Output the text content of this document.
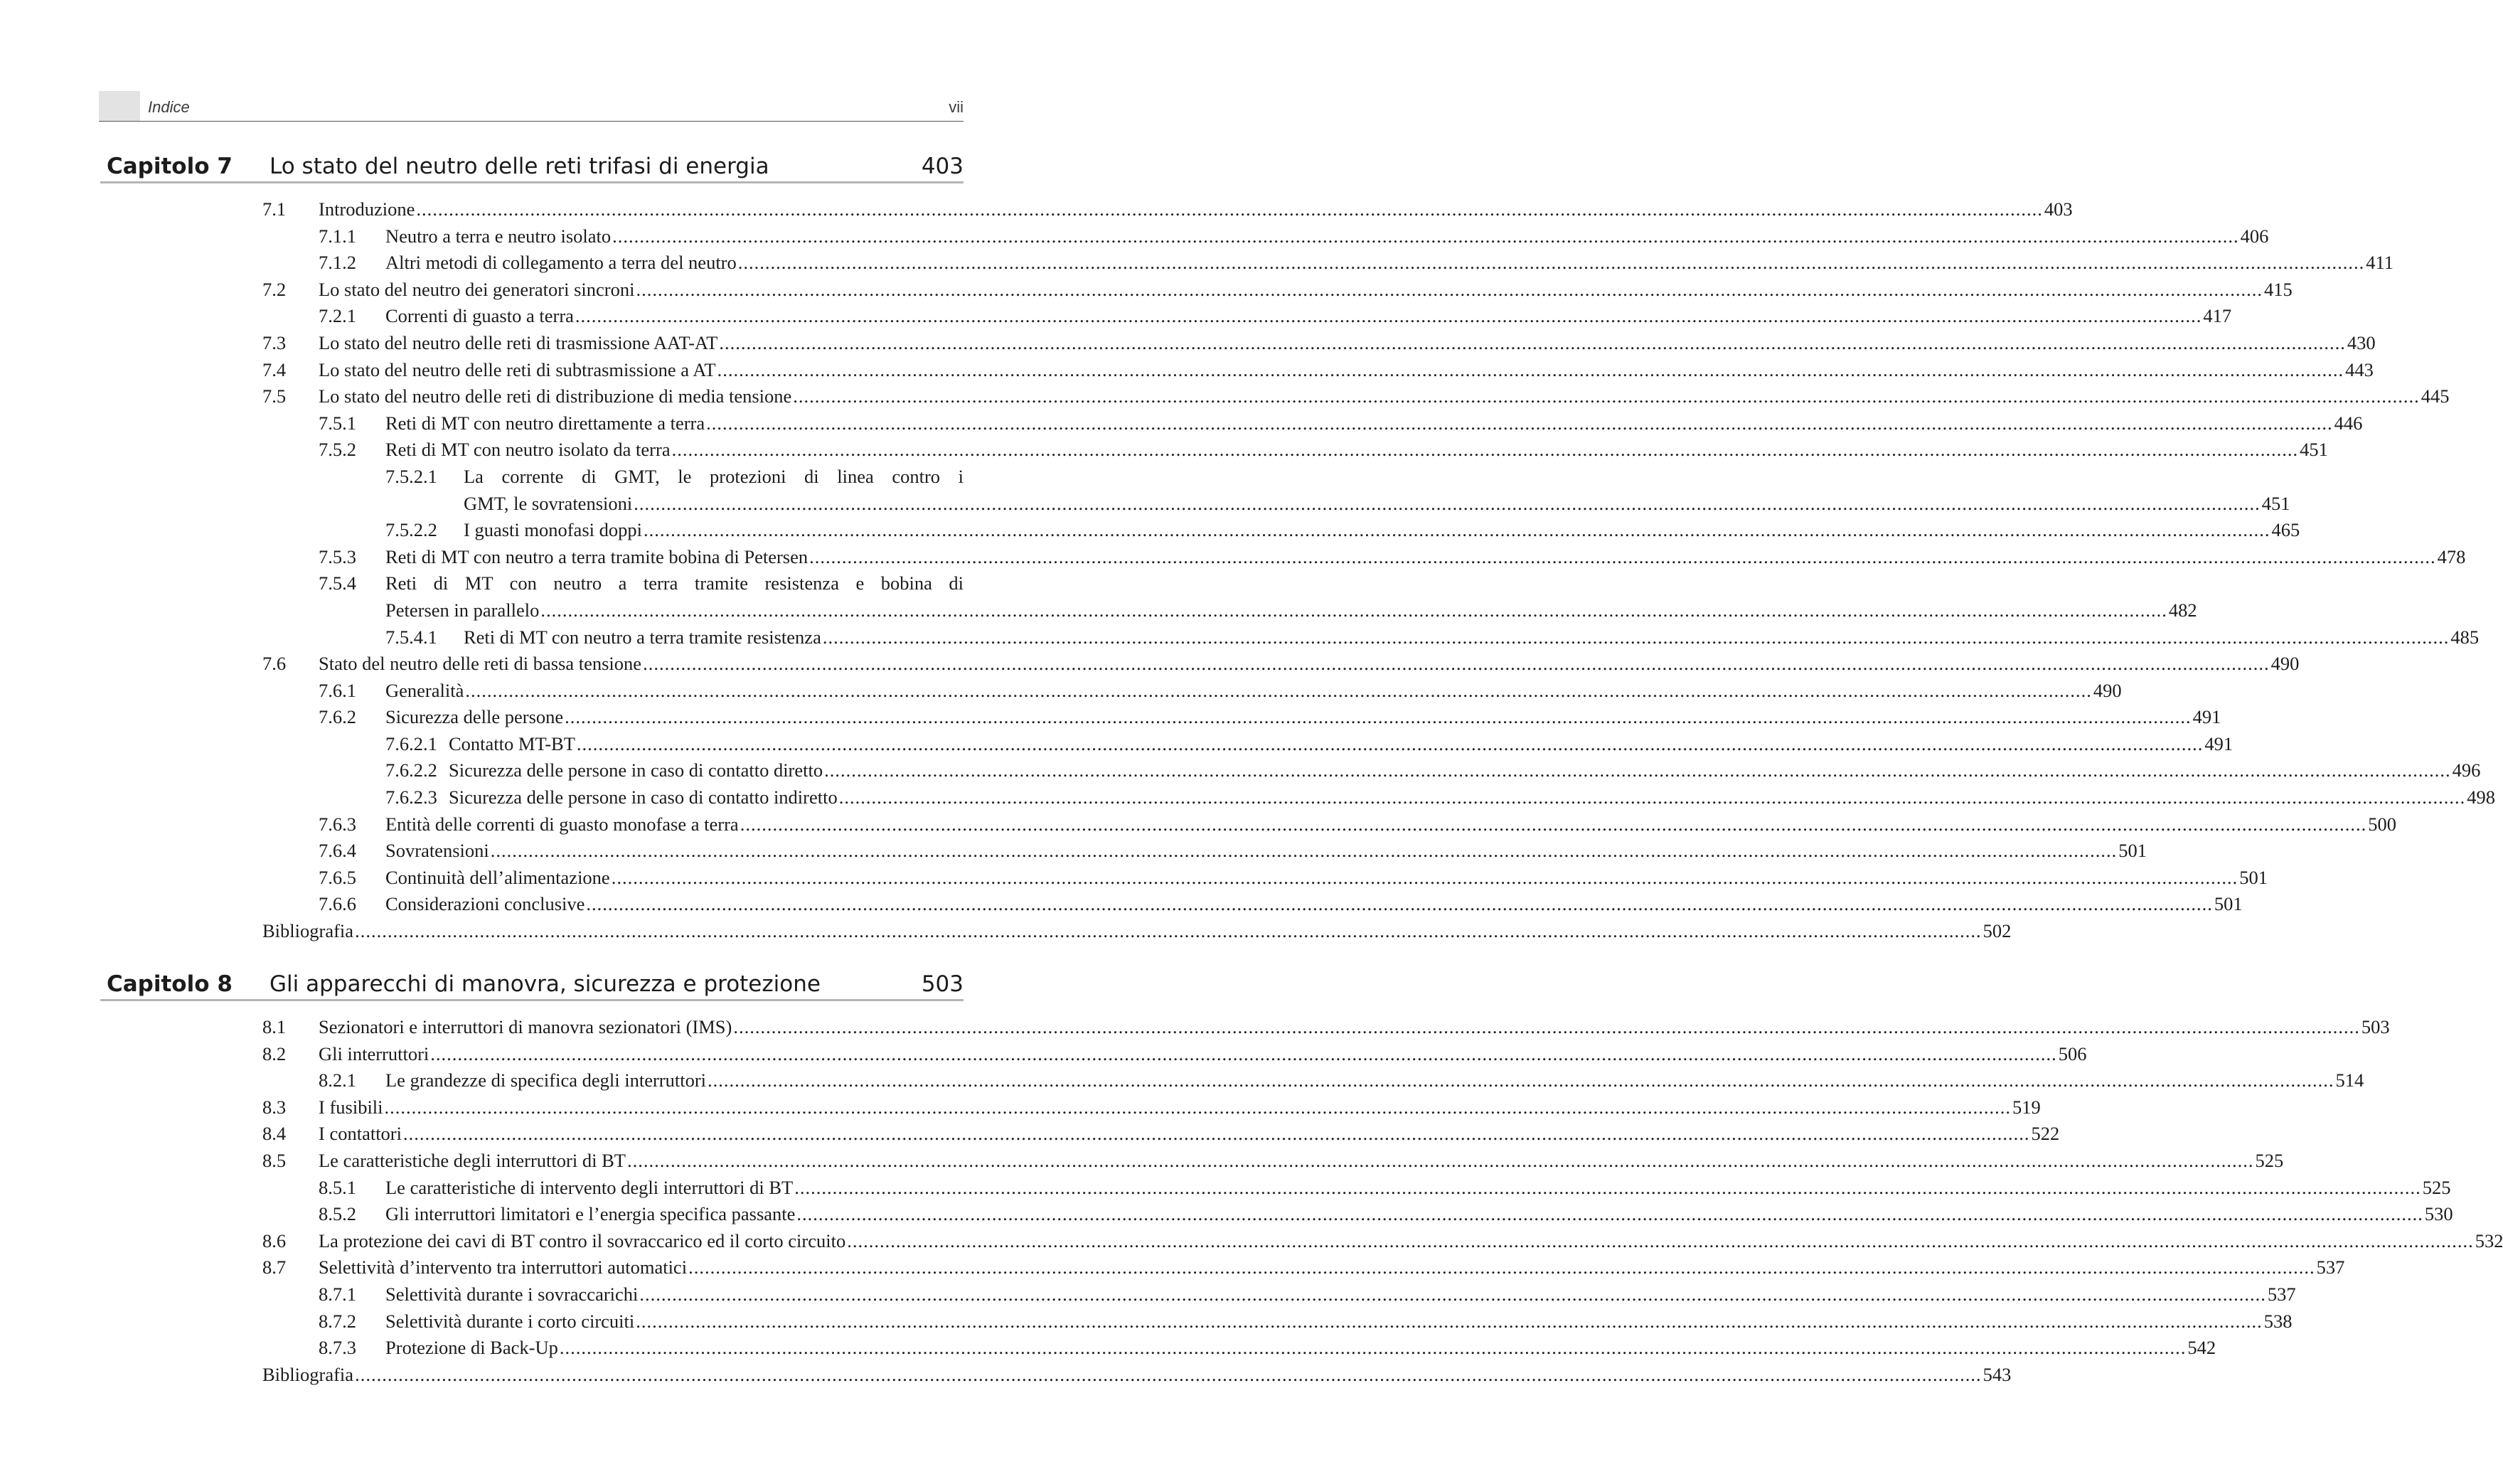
Indice	vii
Capitolo 7 Lo stato del neutro delle reti trifasi di energia	403
7.1 Introduzione ............................................................................................................................................................................................................................................................................................................ 403
7.1.1 Neutro a terra e neutro isolato ............................................................................................................................................................................................................................................................................................................ 406
7.1.2 Altri metodi di collegamento a terra del neutro ............................................................................................................................................................................................................................................................................................................ 411
7.2 Lo stato del neutro dei generatori sincroni ............................................................................................................................................................................................................................................................................................................ 415
7.2.1 Correnti di guasto a terra ............................................................................................................................................................................................................................................................................................................ 417
7.3 Lo stato del neutro delle reti di trasmissione AAT-AT ............................................................................................................................................................................................................................................................................................................ 430
7.4 Lo stato del neutro delle reti di subtrasmissione a AT ............................................................................................................................................................................................................................................................................................................ 443
7.5 Lo stato del neutro delle reti di distribuzione di media tensione ............................................................................................................................................................................................................................................................................................................ 445
7.5.1 Reti di MT con neutro direttamente a terra ............................................................................................................................................................................................................................................................................................................ 446
7.5.2 Reti di MT con neutro isolato da terra ............................................................................................................................................................................................................................................................................................................ 451
7.5.2.1 La corrente di GMT, le protezioni di linea contro i
GMT, le sovratensioni ............................................................................................................................................................................................................................................................................................................ 451
7.5.2.2 I guasti monofasi doppi ............................................................................................................................................................................................................................................................................................................ 465
7.5.3 Reti di MT con neutro a terra tramite bobina di Petersen ............................................................................................................................................................................................................................................................................................................ 478
7.5.4 Reti di MT con neutro a terra tramite resistenza e bobina di
Petersen in parallelo ............................................................................................................................................................................................................................................................................................................ 482
7.5.4.1 Reti di MT con neutro a terra tramite resistenza ............................................................................................................................................................................................................................................................................................................ 485
7.6 Stato del neutro delle reti di bassa tensione ............................................................................................................................................................................................................................................................................................................ 490
7.6.1 Generalità ............................................................................................................................................................................................................................................................................................................ 490
7.6.2 Sicurezza delle persone ............................................................................................................................................................................................................................................................................................................ 491
7.6.2.1 Contatto MT-BT ............................................................................................................................................................................................................................................................................................................ 491
7.6.2.2 Sicurezza delle persone in caso di contatto diretto ............................................................................................................................................................................................................................................................................................................ 496
7.6.2.3 Sicurezza delle persone in caso di contatto indiretto ............................................................................................................................................................................................................................................................................................................ 498
7.6.3 Entità delle correnti di guasto monofase a terra ............................................................................................................................................................................................................................................................................................................ 500
7.6.4 Sovratensioni ............................................................................................................................................................................................................................................................................................................ 501
7.6.5 Continuità dell’alimentazione ............................................................................................................................................................................................................................................................................................................ 501
7.6.6 Considerazioni conclusive ............................................................................................................................................................................................................................................................................................................ 501
Bibliografia ............................................................................................................................................................................................................................................................................................................ 502
Capitolo 8 Gli apparecchi di manovra, sicurezza e protezione	503
8.1 Sezionatori e interruttori di manovra sezionatori (IMS) ............................................................................................................................................................................................................................................................................................................ 503
8.2 Gli interruttori ............................................................................................................................................................................................................................................................................................................ 506
8.2.1 Le grandezze di specifica degli interruttori ............................................................................................................................................................................................................................................................................................................ 514
8.3 I fusibili ............................................................................................................................................................................................................................................................................................................ 519
8.4 I contattori ............................................................................................................................................................................................................................................................................................................ 522
8.5 Le caratteristiche degli interruttori di BT ............................................................................................................................................................................................................................................................................................................ 525
8.5.1 Le caratteristiche di intervento degli interruttori di BT ............................................................................................................................................................................................................................................................................................................ 525
8.5.2 Gli interruttori limitatori e l’energia specifica passante ............................................................................................................................................................................................................................................................................................................ 530
8.6 La protezione dei cavi di BT contro il sovraccarico ed il corto circuito ............................................................................................................................................................................................................................................................................................................ 532
8.7 Selettività d’intervento tra interruttori automatici ............................................................................................................................................................................................................................................................................................................ 537
8.7.1 Selettività durante i sovraccarichi ............................................................................................................................................................................................................................................................................................................ 537
8.7.2 Selettività durante i corto circuiti ............................................................................................................................................................................................................................................................................................................ 538
8.7.3 Protezione di Back-Up ............................................................................................................................................................................................................................................................................................................ 542
Bibliografia ............................................................................................................................................................................................................................................................................................................ 543
